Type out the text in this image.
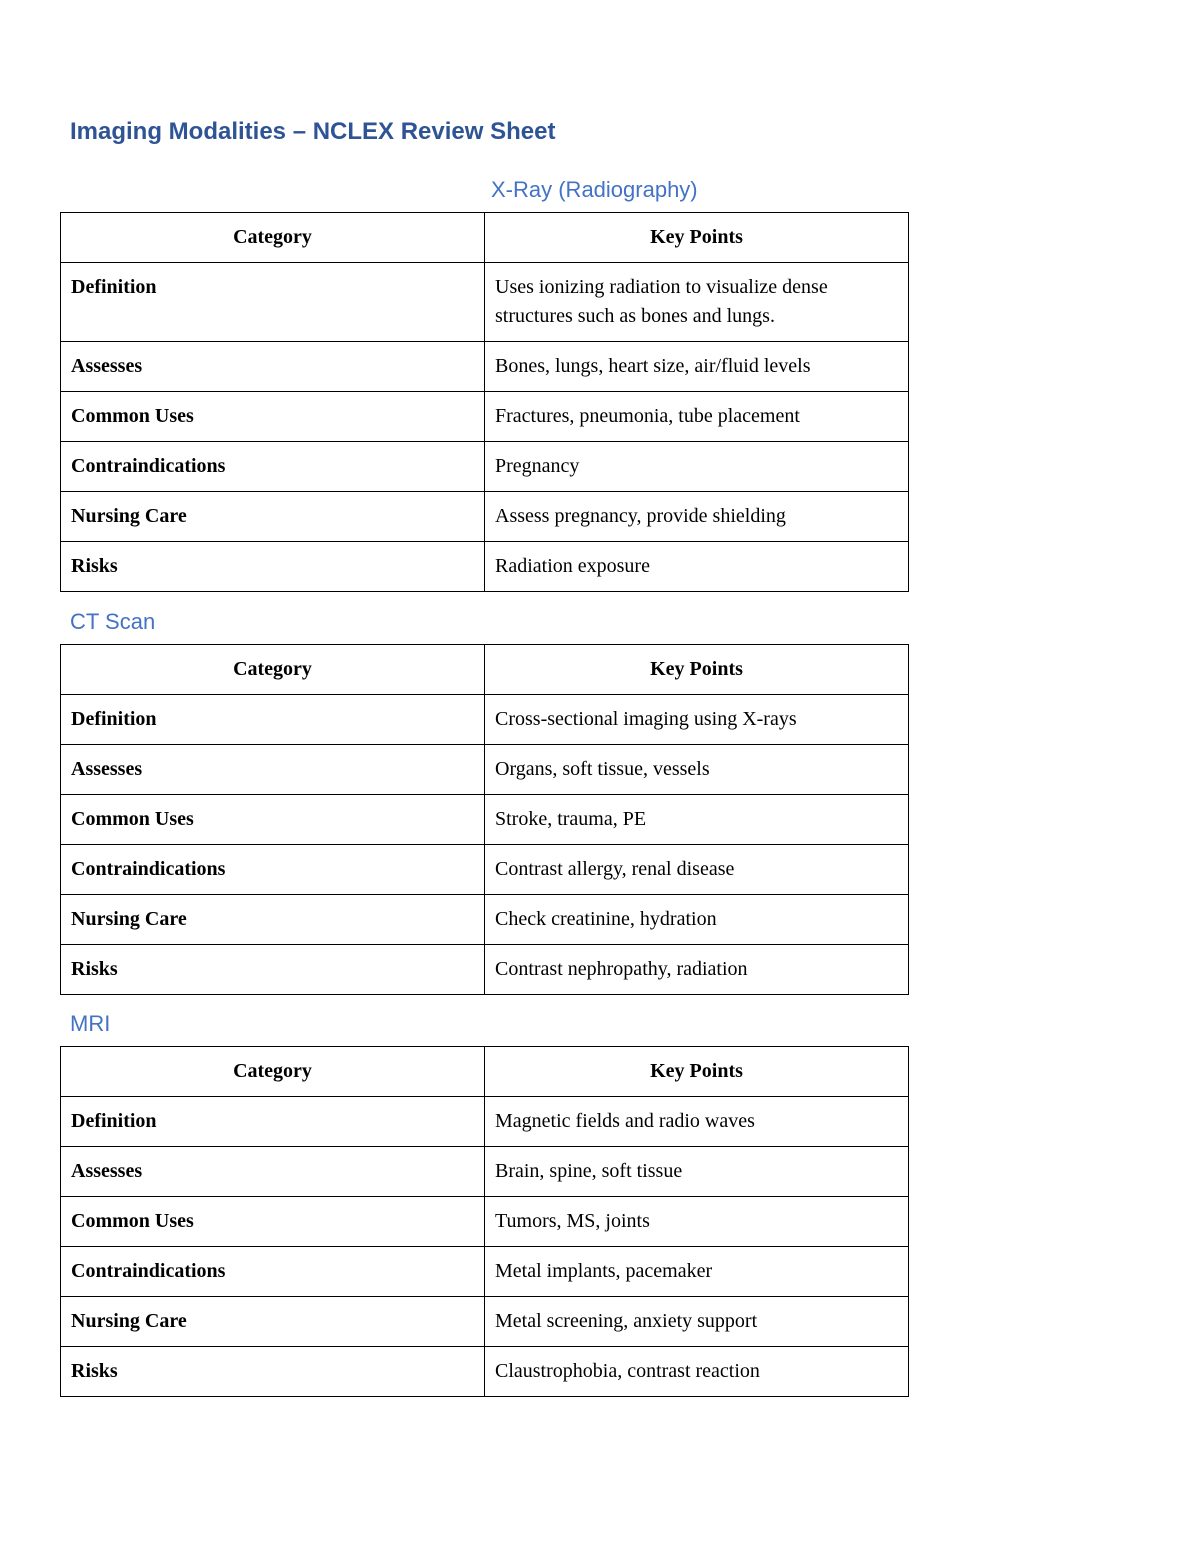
Imaging Modalities – NCLEX Review Sheet
X-Ray (Radiography)
Category	Key Points
Definition	Uses ionizing radiation to visualize dense structures such as bones and lungs.
Assesses	Bones, lungs, heart size, air/fluid levels
Common Uses	Fractures, pneumonia, tube placement
Contraindications	Pregnancy
Nursing Care	Assess pregnancy, provide shielding
Risks	Radiation exposure
CT Scan
Category	Key Points
Definition	Cross-sectional imaging using X-rays
Assesses	Organs, soft tissue, vessels
Common Uses	Stroke, trauma, PE
Contraindications	Contrast allergy, renal disease
Nursing Care	Check creatinine, hydration
Risks	Contrast nephropathy, radiation
MRI
Category	Key Points
Definition	Magnetic fields and radio waves
Assesses	Brain, spine, soft tissue
Common Uses	Tumors, MS, joints
Contraindications	Metal implants, pacemaker
Nursing Care	Metal screening, anxiety support
Risks	Claustrophobia, contrast reaction
